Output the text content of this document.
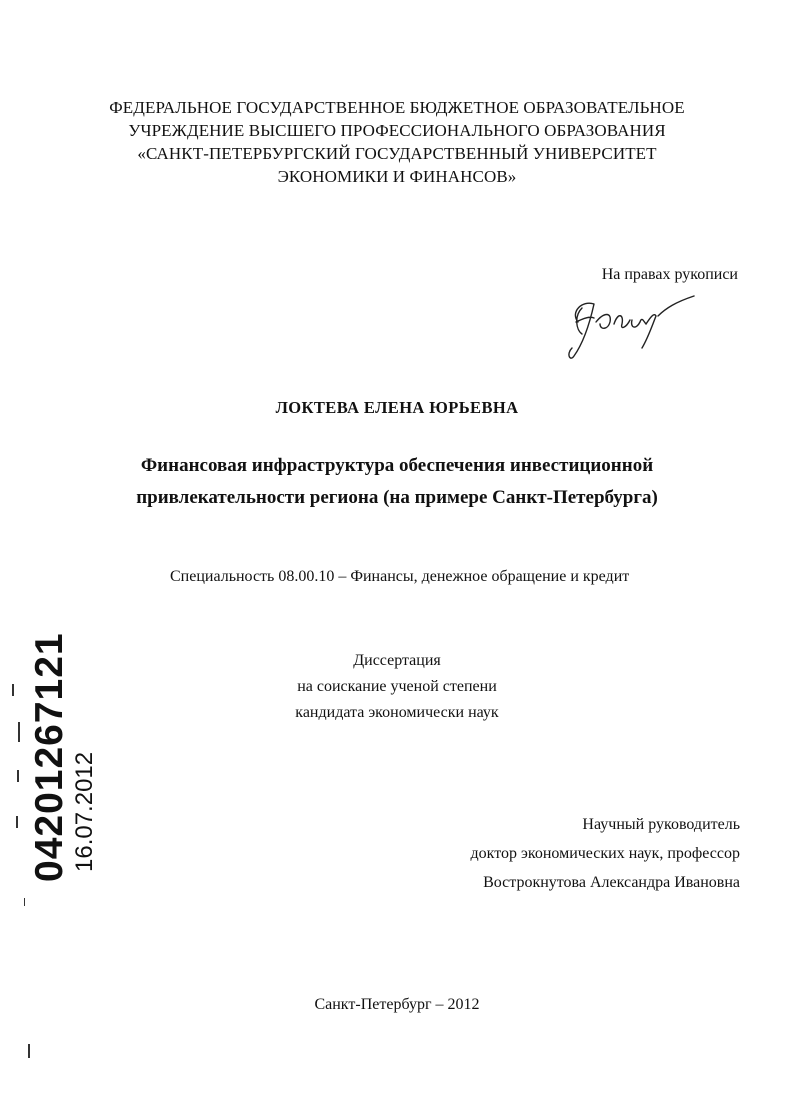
ФЕДЕРАЛЬНОЕ ГОСУДАРСТВЕННОЕ БЮДЖЕТНОЕ ОБРАЗОВАТЕЛЬНОЕ
УЧРЕЖДЕНИЕ ВЫСШЕГО ПРОФЕССИОНАЛЬНОГО ОБРАЗОВАНИЯ
«САНКТ-ПЕТЕРБУРГСКИЙ ГОСУДАРСТВЕННЫЙ УНИВЕРСИТЕТ
ЭКОНОМИКИ И ФИНАНСОВ»
На правах рукописи
ЛОКТЕВА ЕЛЕНА ЮРЬЕВНА
Финансовая инфраструктура обеспечения инвестиционной
привлекательности региона (на примере Санкт-Петербурга)
Специальность 08.00.10 – Финансы, денежное обращение и кредит
Диссертация
на соискание ученой степени
кандидата экономически наук
Научный руководитель
доктор экономических наук, профессор
Вострокнутова Александра Ивановна
Санкт-Петербург – 2012
04201267121 16.07.2012
